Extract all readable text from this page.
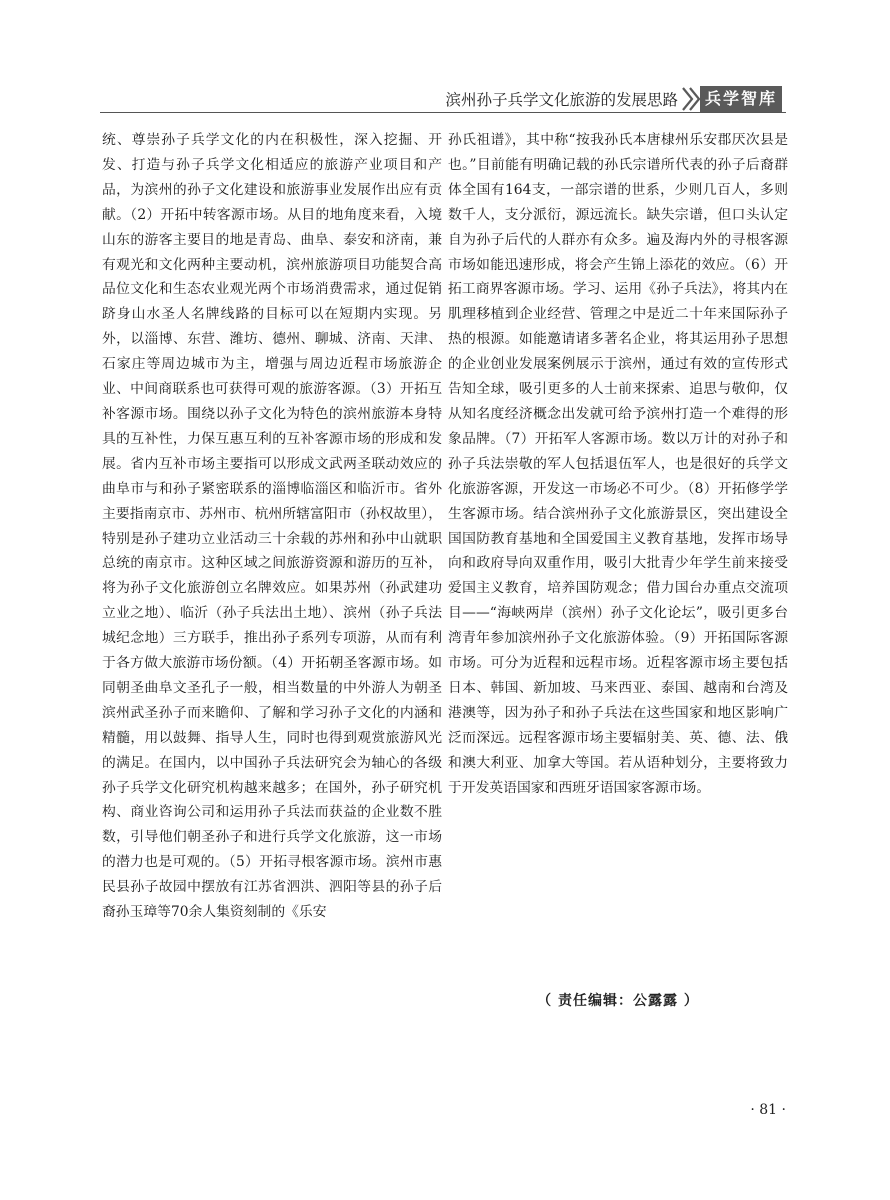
滨州孙子兵学文化旅游的发展思路	兵学智库

统、尊崇孙子兵学文化的内在积极性，深入挖掘、开发、打造与孙子兵学文化相适应的旅游产业项目和产品，为滨州的孙子文化建设和旅游事业发展作出应有贡献。（2）开拓中转客源市场。从目的地角度来看，入境山东的游客主要目的地是青岛、曲阜、泰安和济南，兼有观光和文化两种主要动机，滨州旅游项目功能契合高品位文化和生态农业观光两个市场消费需求，通过促销跻身山水圣人名牌线路的目标可以在短期内实现。另外，以淄博、东营、潍坊、德州、聊城、济南、天津、石家庄等周边城市为主，增强与周边近程市场旅游企业、中间商联系也可获得可观的旅游客源。（3）开拓互补客源市场。围绕以孙子文化为特色的滨州旅游本身特具的互补性，力保互惠互利的互补客源市场的形成和发展。省内互补市场主要指可以形成文武两圣联动效应的曲阜市与和孙子紧密联系的淄博临淄区和临沂市。省外主要指南京市、苏州市、杭州所辖富阳市（孙权故里），特别是孙子建功立业活动三十余载的苏州和孙中山就职总统的南京市。这种区域之间旅游资源和游历的互补，将为孙子文化旅游创立名牌效应。如果苏州（孙武建功立业之地）、临沂（孙子兵法出土地）、滨州（孙子兵法城纪念地）三方联手，推出孙子系列专项游，从而有利于各方做大旅游市场份额。（4）开拓朝圣客源市场。如同朝圣曲阜文圣孔子一般，相当数量的中外游人为朝圣滨州武圣孙子而来瞻仰、了解和学习孙子文化的内涵和精髓，用以鼓舞、指导人生，同时也得到观赏旅游风光的满足。在国内，以中国孙子兵法研究会为轴心的各级孙子兵学文化研究机构越来越多；在国外，孙子研究机构、商业咨询公司和运用孙子兵法而获益的企业数不胜数，引导他们朝圣孙子和进行兵学文化旅游，这一市场的潜力也是可观的。（5）开拓寻根客源市场。滨州市惠民县孙子故园中摆放有江苏省泗洪、泗阳等县的孙子后裔孙玉璋等70余人集资刻制的《乐安

孙氏祖谱》，其中称“按我孙氏本唐棣州乐安郡厌次县是也。”目前能有明确记载的孙氏宗谱所代表的孙子后裔群体全国有164支，一部宗谱的世系，少则几百人，多则数千人，支分派衍，源远流长。缺失宗谱，但口头认定自为孙子后代的人群亦有众多。遍及海内外的寻根客源市场如能迅速形成，将会产生锦上添花的效应。（6）开拓工商界客源市场。学习、运用《孙子兵法》，将其内在肌理移植到企业经营、管理之中是近二十年来国际孙子热的根源。如能邀请诸多著名企业，将其运用孙子思想的企业创业发展案例展示于滨州，通过有效的宣传形式告知全球，吸引更多的人士前来探索、追思与敬仰，仅从知名度经济概念出发就可给予滨州打造一个难得的形象品牌。（7）开拓军人客源市场。数以万计的对孙子和孙子兵法崇敬的军人包括退伍军人，也是很好的兵学文化旅游客源，开发这一市场必不可少。（8）开拓修学学生客源市场。结合滨州孙子文化旅游景区，突出建设全国国防教育基地和全国爱国主义教育基地，发挥市场导向和政府导向双重作用，吸引大批青少年学生前来接受爱国主义教育，培养国防观念；借力国台办重点交流项目——“海峡两岸（滨州）孙子文化论坛”，吸引更多台湾青年参加滨州孙子文化旅游体验。（9）开拓国际客源市场。可分为近程和远程市场。近程客源市场主要包括日本、韩国、新加坡、马来西亚、泰国、越南和台湾及港澳等，因为孙子和孙子兵法在这些国家和地区影响广泛而深远。远程客源市场主要辐射美、英、德、法、俄和澳大利亚、加拿大等国。若从语种划分，主要将致力于开发英语国家和西班牙语国家客源市场。

（ 责任编辑：公露露 ）
· 81 ·
